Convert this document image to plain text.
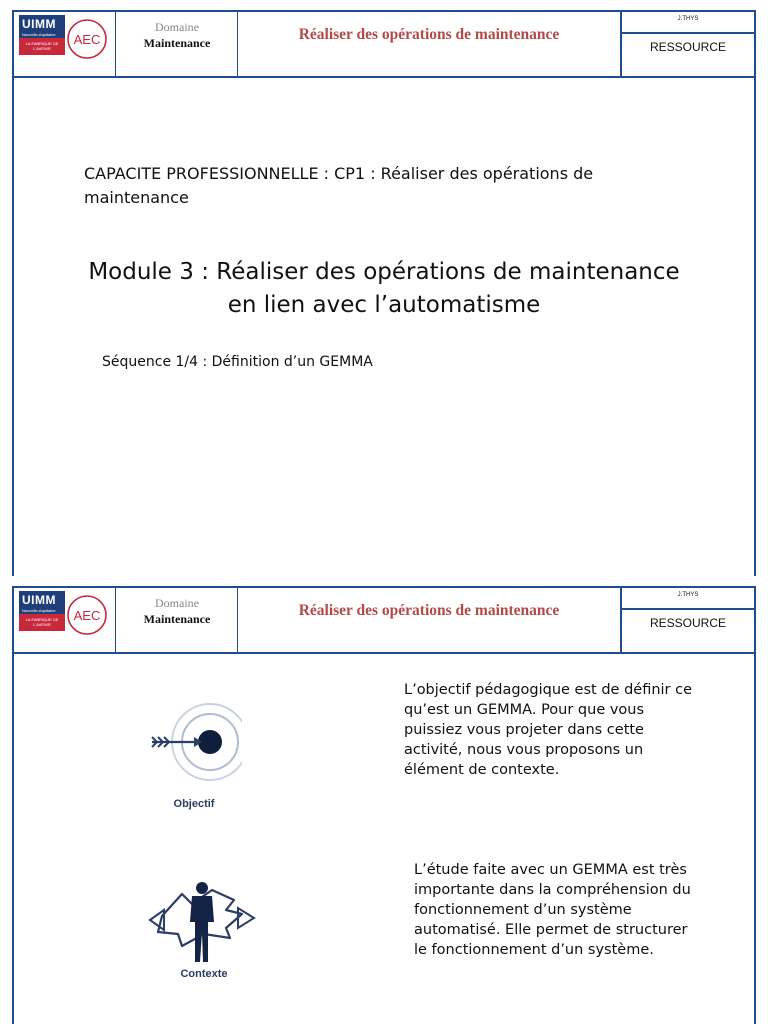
UIMM
Nouvelle-Aquitaine
LA FABRIQUE DE L'AVENIR
AEC
Domaine
Maintenance	Réaliser des opérations de maintenance
J.THYS
RESSOURCE
CAPACITE PROFESSIONNELLE : CP1 : Réaliser des opérations de maintenance
Module 3 : Réaliser des opérations de maintenance
en lien avec l’automatisme
Séquence 1/4 : Définition d’un GEMMA
UIMM
Nouvelle-Aquitaine
LA FABRIQUE DE L'AVENIR
AEC
Domaine
Maintenance	Réaliser des opérations de maintenance
J.THYS
RESSOURCE
Objectif
L’objectif pédagogique est de définir ce qu’est un GEMMA. Pour que vous puissiez vous projeter dans cette activité, nous vous proposons un élément de contexte.
Contexte
L’étude faite avec un GEMMA est très importante dans la compréhension du fonctionnement d’un système automatisé. Elle permet de structurer le fonctionnement d’un système.
